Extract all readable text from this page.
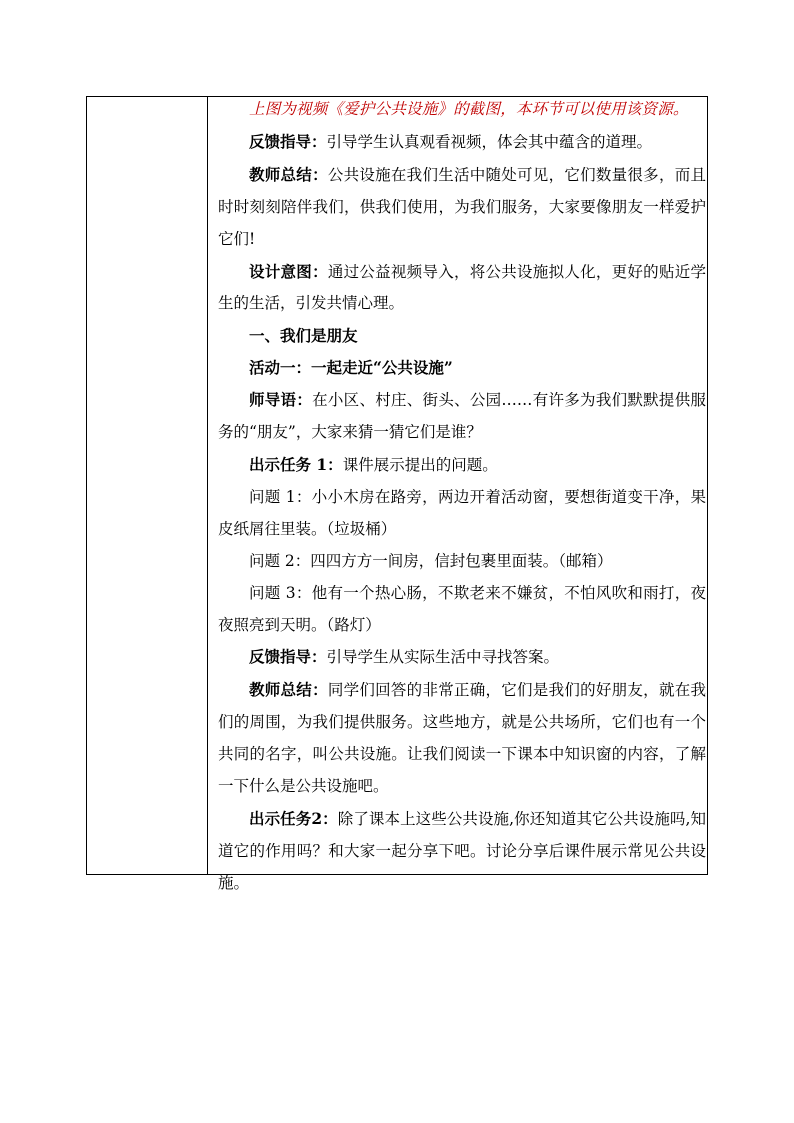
上图为视频《爱护公共设施》的截图，本环节可以使用该资源。

反馈指导：引导学生认真观看视频，体会其中蕴含的道理。

教师总结：公共设施在我们生活中随处可见，它们数量很多，而且时时刻刻陪伴我们，供我们使用，为我们服务，大家要像朋友一样爱护它们!

设计意图：通过公益视频导入，将公共设施拟人化，更好的贴近学生的生活，引发共情心理。

一、我们是朋友

活动一：一起走近“公共设施”

师导语：在小区、村庄、街头、公园……有许多为我们默默提供服务的“朋友”，大家来猜一猜它们是谁？

出示任务 1：课件展示提出的问题。

问题 1：小小木房在路旁，两边开着活动窗，要想街道变干净，果皮纸屑往里装。（垃圾桶）

问题 2：四四方方一间房，信封包裹里面装。（邮箱）

问题 3：他有一个热心肠，不欺老来不嫌贫，不怕风吹和雨打，夜夜照亮到天明。（路灯）

反馈指导：引导学生从实际生活中寻找答案。

教师总结：同学们回答的非常正确，它们是我们的好朋友，就在我们的周围，为我们提供服务。这些地方，就是公共场所，它们也有一个共同的名字，叫公共设施。让我们阅读一下课本中知识窗的内容，了解一下什么是公共设施吧。

出示任务2：除了课本上这些公共设施,你还知道其它公共设施吗,知道它的作用吗？和大家一起分享下吧。讨论分享后课件展示常见公共设施。
